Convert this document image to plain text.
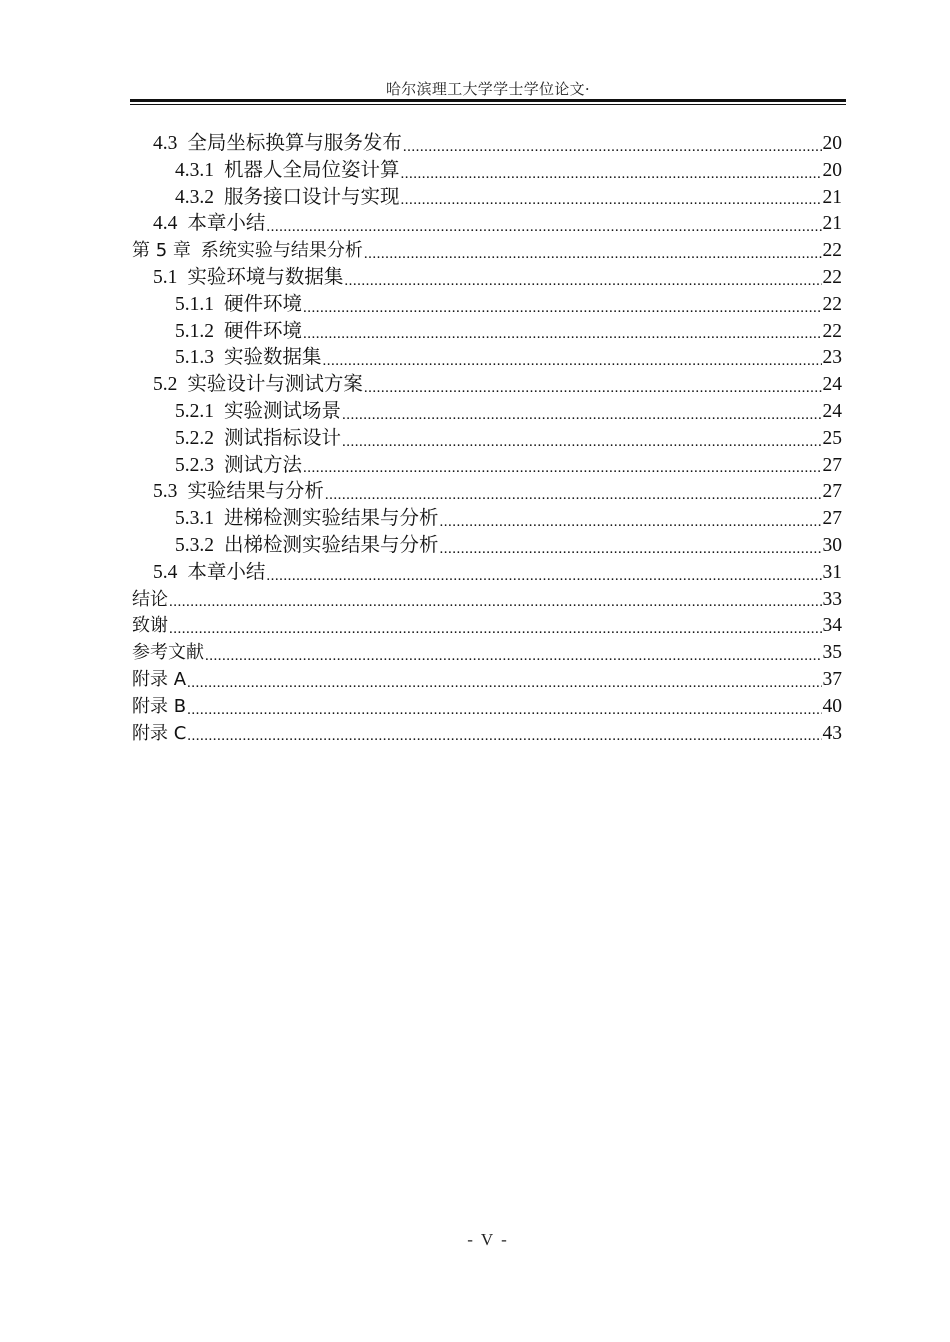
哈尔滨理工大学学士学位论文·
4.3 全局坐标换算与服务发布 .....	20
4.3.1 机器人全局位姿计算 .....	20
4.3.2 服务接口设计与实现 .....	21
4.4 本章小结 .....	21
第 5 章 系统实验与结果分析 .....	22
5.1 实验环境与数据集 .....	22
5.1.1 硬件环境 .....	22
5.1.2 硬件环境 .....	22
5.1.3 实验数据集 .....	23
5.2 实验设计与测试方案 .....	24
5.2.1 实验测试场景 .....	24
5.2.2 测试指标设计 .....	25
5.2.3 测试方法 .....	27
5.3 实验结果与分析 .....	27
5.3.1 进梯检测实验结果与分析 .....	27
5.3.2 出梯检测实验结果与分析 .....	30
5.4 本章小结 .....	31
结论 .....	33
致谢 .....	34
参考文献 .....	35
附录 A .....	37
附录 B .....	40
附录 C .....	43
- V -
